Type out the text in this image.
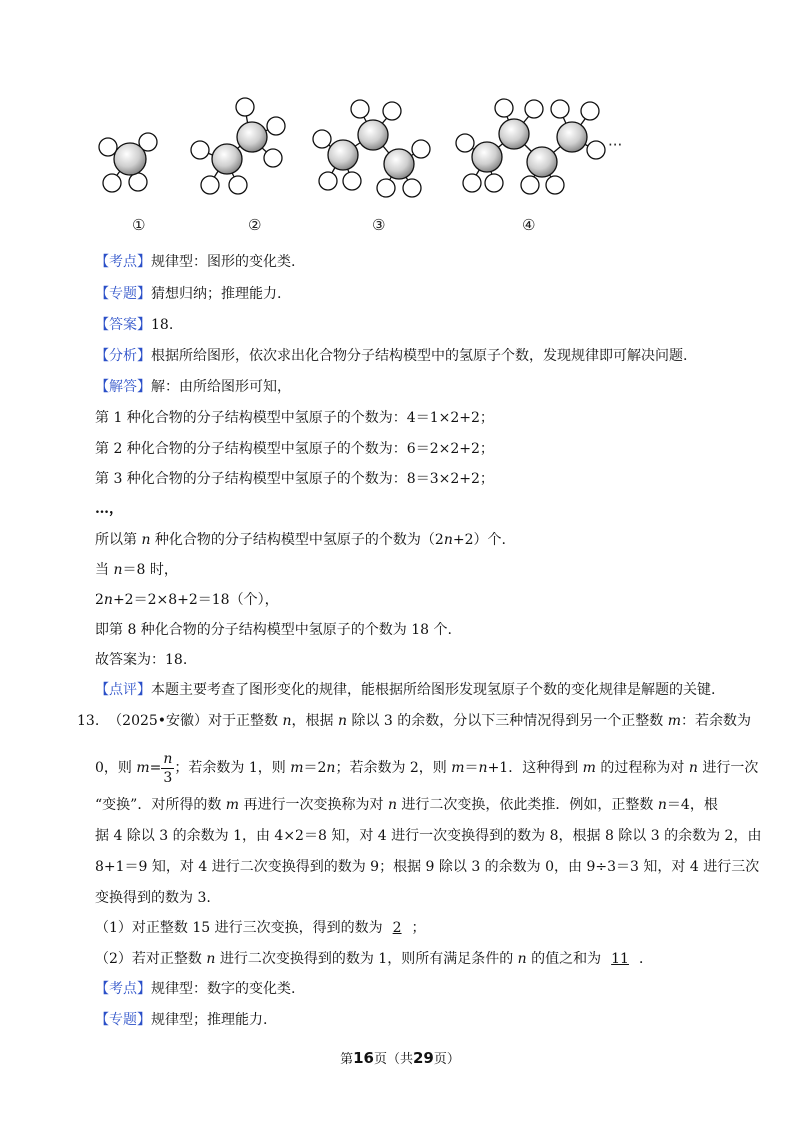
①	②	③	④
···
【考点】规律型：图形的变化类.
【专题】猜想归纳；推理能力.
【答案】18.
【分析】根据所给图形，依次求出化合物分子结构模型中的氢原子个数，发现规律即可解决问题.
【解答】解：由所给图形可知，
第 1 种化合物的分子结构模型中氢原子的个数为：4＝1×2+2；
第 2 种化合物的分子结构模型中氢原子的个数为：6＝2×2+2；
第 3 种化合物的分子结构模型中氢原子的个数为：8＝3×2+2；
…，
所以第 n 种化合物的分子结构模型中氢原子的个数为（2n+2）个.
当 n＝8 时，
2n+2＝2×8+2＝18（个），
即第 8 种化合物的分子结构模型中氢原子的个数为 18 个.
故答案为：18.
【点评】本题主要考查了图形变化的规律，能根据所给图形发现氢原子个数的变化规律是解题的关键.
13. （2025•安徽）对于正整数 n，根据 n 除以 3 的余数，分以下三种情况得到另一个正整数 m：若余数为
0，则 $m= \frac{n}{3}$ ；若余数为 1，则 m＝2n；若余数为 2，则 m＝n+1．这种得到 m 的过程称为对 n 进行一次
“变换”．对所得的数 m 再进行一次变换称为对 n 进行二次变换，依此类推．例如，正整数 n＝4，根
据 4 除以 3 的余数为 1，由 4×2＝8 知，对 4 进行一次变换得到的数为 8，根据 8 除以 3 的余数为 2，由
8+1＝9 知，对 4 进行二次变换得到的数为 9；根据 9 除以 3 的余数为 0，由 9÷3＝3 知，对 4 进行三次
变换得到的数为 3.
（1）对正整数 15 进行三次变换，得到的数为 2 ；
（2）若对正整数 n 进行二次变换得到的数为 1，则所有满足条件的 n 的值之和为 11 ．
【考点】规律型：数字的变化类.
【专题】规律型；推理能力.
第16页（共29页）
